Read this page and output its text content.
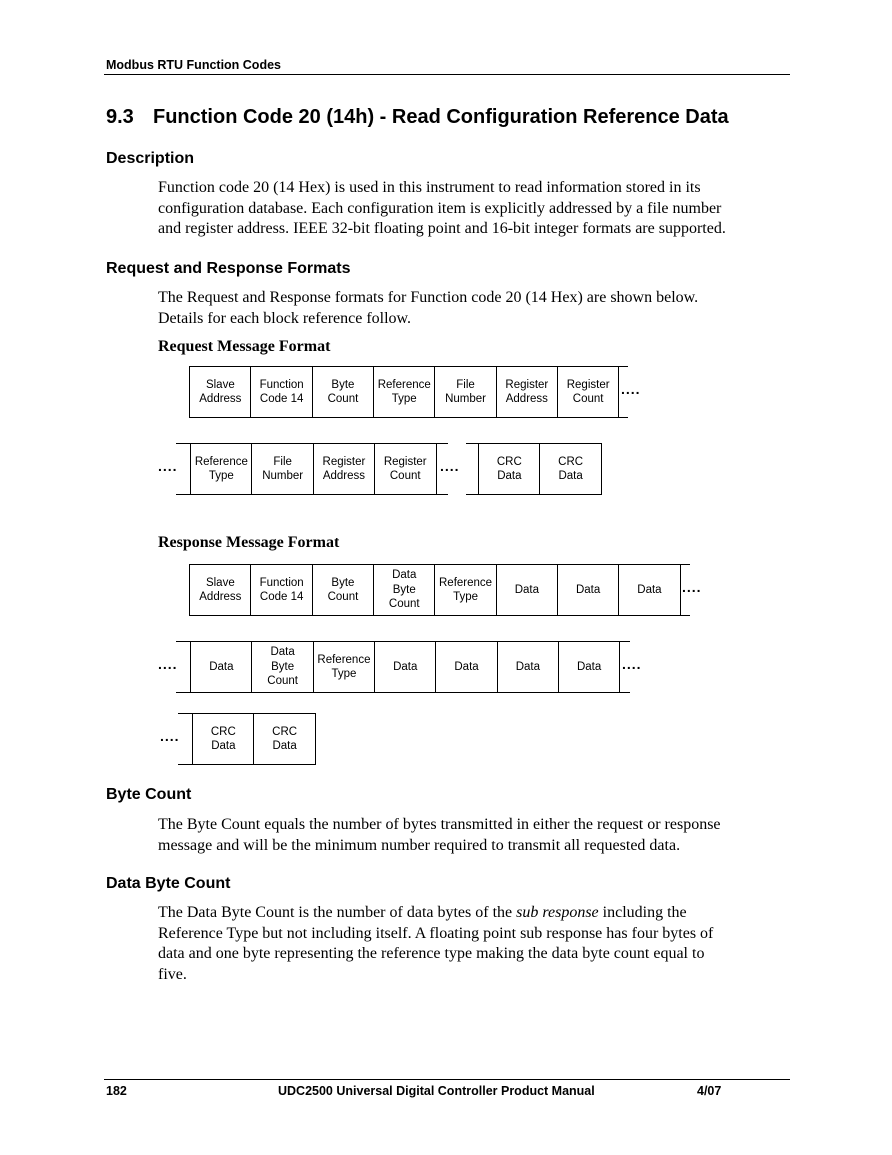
Modbus RTU Function Codes
9.3 Function Code 20 (14h) - Read Configuration Reference Data
Description

Function code 20 (14 Hex) is used in this instrument to read information stored in its
configuration database. Each configuration item is explicitly addressed by a file number
and register address. IEEE 32-bit floating point and 16-bit integer formats are supported.

Request and Response Formats

The Request and Response formats for Function code 20 (14 Hex) are shown below.
Details for each block reference follow.

Request Message Format
Slave
Address
Function
Code 14
Byte
Count
Reference
Type
File
Number
Register
Address
Register
Count
....
.... Reference
Type
File
Number
Register
Address
Register
Count
....	CRC
Data
CRC
Data
Response Message Format
Slave
Address
Function
Code 14
Byte
Count
Data
Byte
Count
Reference
Type
Data	Data	Data ....
....	Data
Data
Byte
Count
Reference
Type
Data	Data	Data	Data ....
....	CRC
Data
CRC
Data
Byte Count

The Byte Count equals the number of bytes transmitted in either the request or response
message and will be the minimum number required to transmit all requested data.

Data Byte Count

The Data Byte Count is the number of data bytes of the sub response including the
Reference Type but not including itself. A floating point sub response has four bytes of
data and one byte representing the reference type making the data byte count equal to
five.

182	UDC2500 Universal Digital Controller Product Manual	4/07
